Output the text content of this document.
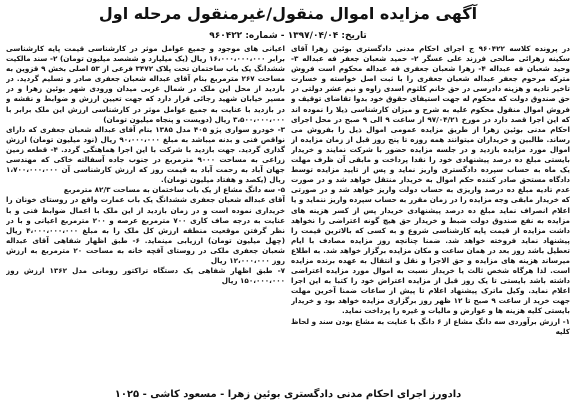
آگهی مزایده اموال منقول/غیرمنقول مرحله اول
تاریخ: ۱۳۹۷/۰۴/۰۴ - شماره: ۹۶۰۴۲۲

در پرونده کلاسه ۹۶۰۴۲۲ ج اجرای احکام مدنی دادگستری بوئین زهرا آقای سکینه زهرائی صالحی فرزند علی عسگر ۲- حمید شعبان جعفر فه عبداله ۳- وحید شعبان فه عبداله ۴- زهرا شعبان جعفری فه عبداله محکوم است فروش مترکه مرحوم جعفر عبداله شعبان جعفری را با ثبت اصل خواسته و خسارت تاخیر تادیه و هزینه دادرسی در حق خانم کلثوم اسدی زاوه و نیم عشر دولتی در حق صندوق دولت که محکوم له جهت استیفای حقوق خود بدوا تقاضای توقیف و فروش اموال منقول محکوم علیه به شرح و میزان کارشناسی ذیلا را نموده اند که این اجرا قصد دارد در مورخ ۹۷/۰۴/۲۱ از ساعت ۹ الی ۹ صبح در محل اجرای احکام مدنی بوئین زهرا از طریق مزایده عمومی اموال ذیل را بفروش می رساند. طالبین و خریداران میتوانند همه روزه تا پنج روز قبل از زمان مزایده از اموال مورد مزایده بازدید و در جلسه مزایده حضور با شرکت نمایند و خریدار بایستی مبلغ ده درصد پیشنهادی خود را نقدا پرداخت و مابقی آن ظرف مهلت یک ماه به حساب سپرده دادگستری واریز نماید و پس از تایید مزایده توسط دادگاه مستحق صادر کننده حکم اموال به خریدار منتقل خواهد شد و در صورت عدم تادیه مبلغ ده درصد واریزی به حساب دولت واریز خواهد شد و در صورتی که خریدار مابقی وجه مزایده را در زمان مقرر به حساب سپرده واریز ننماید و یا اعلام انصراف نماید مبلغ ده درصد پیشنهادی خریدار پس از کسر هزینه های مزایده به نفع صندوق دولت ضبط و خریدار حق هیچ گونه اعتراضی را نخواهد داشت مزایده از قیمت پایه کارشناسی شروع و به کسی که بالاترین قیمت را پیشنهاد نماید فروخته خواهد شد. ضمنا چنانچه روز مزایده مصادف با ایام تعطیل باشد روز بعد در همان ساعت و مکان مزایده برگزار خواهد شد. به اطلاع میرساند هزینه های مزایده و حق الاجرا و نقل و انتقال به عهده برنده مزایده است. لذا هرگاه شخص ثالث یا خریدار نسبت به اموال مورد مزایده اعتراضی داشته باشد بایستی تا یک روز قبل از مزایده اعتراض خود را کتبا به این اجرا اعلام نماید. وکیل ماترک پیشنهاد اعلام تا پیش از ساعات ضمنا آخرین مهلت جهت خرید از ساعت ۹ صبح تا ۱۲ ظهر روز برگزاری مزایده خواهد بود و خریدار بایستی کلیه هزینه ها و عوارض و مالیات و غیره را پرداخت نماید.

۱- ارزش برآوردی سه دانگ مشاع از ۶ دانگ با عنایت به مشاع بودن سند و لحاظ کلیه

اعیانی های موجود و جمیع عوامل موثر در کارشناسی قیمت پایه کارشناسی برابر ۱۶،۰۰۰،۰۰۰،۰۰۰ ریال (یک میلیارد و ششصد میلیون تومان) ۲- سند مالکیت ششدانگ یک باب ساختمان تحت پلاک ۳۴۷۲ فرعی از ۵۳ اصلی بخش ۹ قزوین به مساحت ۲۶۷ مترمربع بنام آقای عبداله شعبان جعفری صادر و تسلیم گردید. در بازدید از محل این ملک در شمال غربی میدان ورودی شهر بوئین زهرا و در مسیر خیابان شهید رجائی قرار دارد که جهت تعیین ارزش و ضوابط و نقشه و در بازدید با عنایت به جمیع عوامل موثر در کارشناسی ارزش این ملک برابر با ۳،۵۰۰،۰۰۰،۰۰۰ ریال (دویست و پنجاه میلیون تومان)

۳- خودرو سواری پژو ۴۰۵ مدل ۱۳۸۵ بنام آقای عبداله شعبان جعفری که دارای نواقص فنی و بدنه میباشد به مبلغ ۹۰،۰۰۰،۰۰۰ ریال (نود میلیون تومان) ارزش گذاری گردید. جهت بازدید با شرکت با این اجرا هماهنگی گردد. ۴- قطعه زمین زراعی به مساحت ۹۰۰۰ مترمربع در جنوب جاده آسفالته خاکی که مهندسی جهان آباد به رحمت آباد به قیمت روز که ارزش کارشناسی آن ۱،۷۰۰،۰۰۰،۰۰۰ ریال (یکصد و هفتاد میلیون تومان).

۵- سه دانگ مشاع از یک باب ساختمان به مساحت ۸۲/۳ مترمربع

آقای عبداله شعبان جعفری ششدانگ یک باب عمارت واقع در روستای خونان را خریداری نموده است و در زمان بازدید از این ملک با اعمال ضوابط فنی و با عنایت به درجه صاف کاری ۷۰۰ مترمربع عرصه و ۲۰۰ مترمربع اعیانی و با در نظر گرفتن موقعیت منطقه ارزش کل ملک را به مبلغ ۴،۰۰۰،۰۰۰،۰۰۰ ریال (چهل میلیون تومان) ارزیابی مینماید. ۶- طبق اظهار شفاهی آقای عبداله شعبان جعفری ملکی در روستای آقچه خانه به مساحت ۲۰ مترمربع به ارزش روز ۱۲،۰۰۰،۰۰۰ ریال

۷- طبق اظهار شفاهی یک دستگاه تراکتور رومانی مدل ۱۳۶۲ ارزش روز ۱۵۰،۰۰۰،۰۰۰ ریال

دادورز اجرای احکام مدنی دادگستری بوئین زهرا - مسعود کاشی - ۱۰۲۵
